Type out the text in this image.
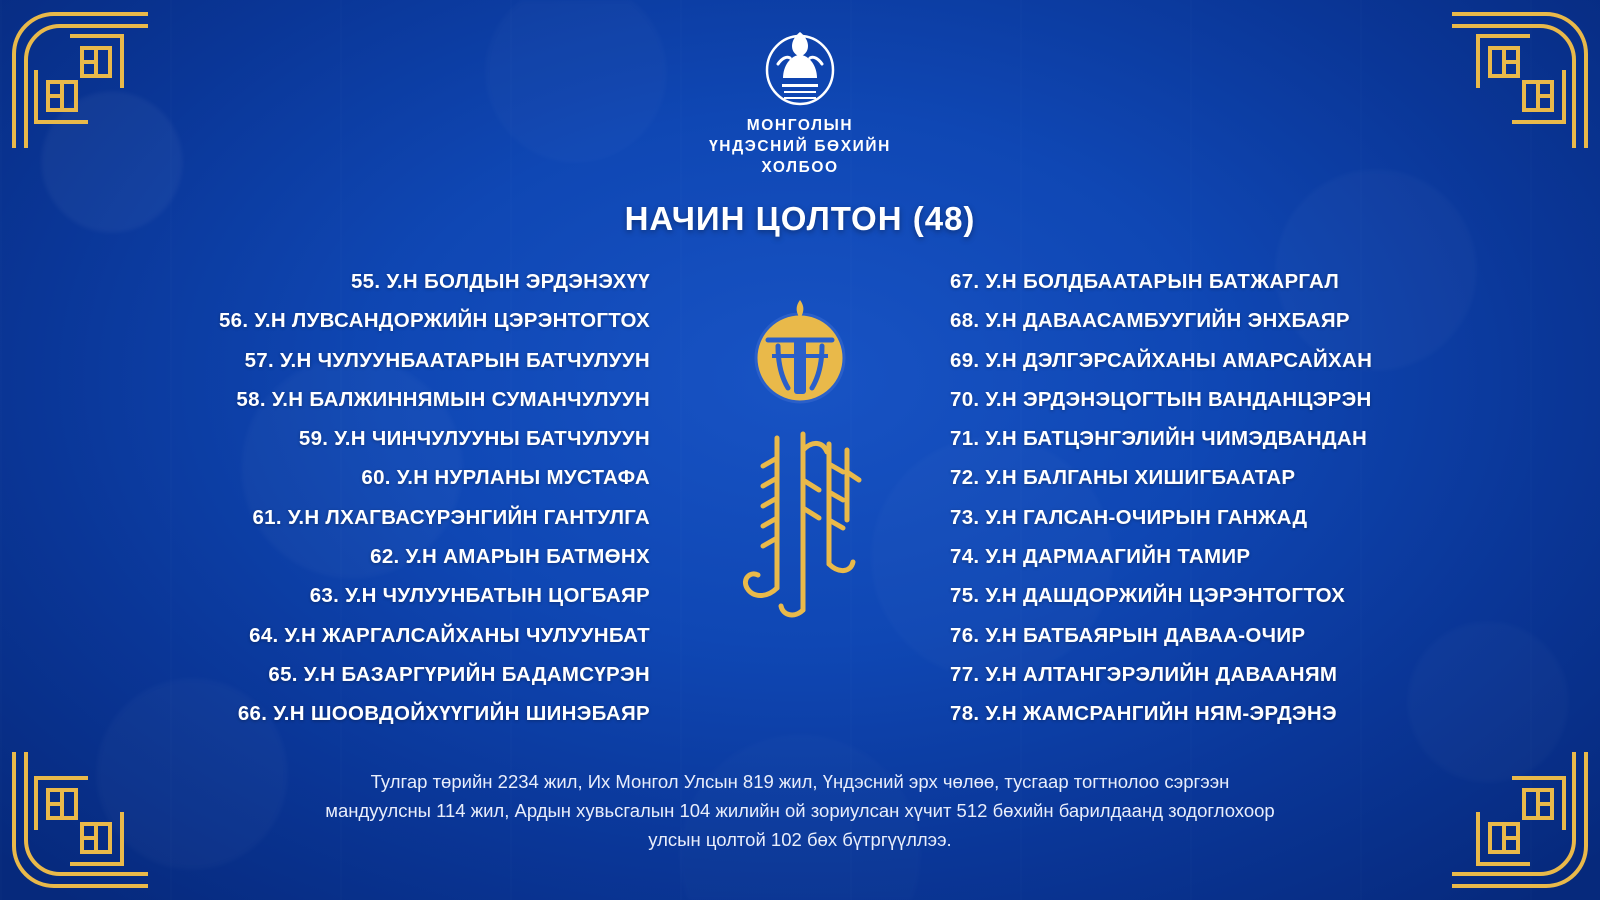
МОНГОЛЫН
ҮНДЭСНИЙ БӨХИЙН
ХОЛБОО
НАЧИН ЦОЛТОН (48)
55. У.Н БОЛДЫН ЭРДЭНЭХҮҮ
56. У.Н ЛУВСАНДОРЖИЙН ЦЭРЭНТОГТОХ
57. У.Н ЧУЛУУНБААТАРЫН БАТЧУЛУУН
58. У.Н БАЛЖИННЯМЫН СУМАНЧУЛУУН
59. У.Н ЧИНЧУЛУУНЫ БАТЧУЛУУН
60. У.Н НУРЛАНЫ МУСТАФА
61. У.Н ЛХАГВАСҮРЭНГИЙН ГАНТУЛГА
62. У.Н АМАРЫН БАТМӨНХ
63. У.Н ЧУЛУУНБАТЫН ЦОГБАЯР
64. У.Н ЖАРГАЛСАЙХАНЫ ЧУЛУУНБАТ
65. У.Н БАЗАРГҮРИЙН БАДАМСҮРЭН
66. У.Н ШООВДОЙХҮҮГИЙН ШИНЭБАЯР
67. У.Н БОЛДБААТАРЫН БАТЖАРГАЛ
68. У.Н ДАВААСАМБУУГИЙН ЭНХБАЯР
69. У.Н ДЭЛГЭРСАЙХАНЫ АМАРСАЙХАН
70. У.Н ЭРДЭНЭЦОГТЫН ВАНДАНЦЭРЭН
71. У.Н БАТЦЭНГЭЛИЙН ЧИМЭДВАНДАН
72. У.Н БАЛГАНЫ ХИШИГБААТАР
73. У.Н ГАЛСАН-ОЧИРЫН ГАНЖАД
74. У.Н ДАРМААГИЙН ТАМИР
75. У.Н ДАШДОРЖИЙН ЦЭРЭНТОГТОХ
76. У.Н БАТБАЯРЫН ДАВАА-ОЧИР
77. У.Н АЛТАНГЭРЭЛИЙН ДАВААНЯМ
78. У.Н ЖАМСРАНГИЙН НЯМ-ЭРДЭНЭ

Тулгар төрийн 2234 жил, Их Монгол Улсын 819 жил, Үндэсний эрх чөлөө, тусгаар тогтнолоо сэргээн

мандуулсны 114 жил, Ардын хувьсгалын 104 жилийн ой зориулсан хүчит 512 бөхийн барилдаанд зодоглохоор

улсын цолтой 102 бөх бүтргүүллээ.
